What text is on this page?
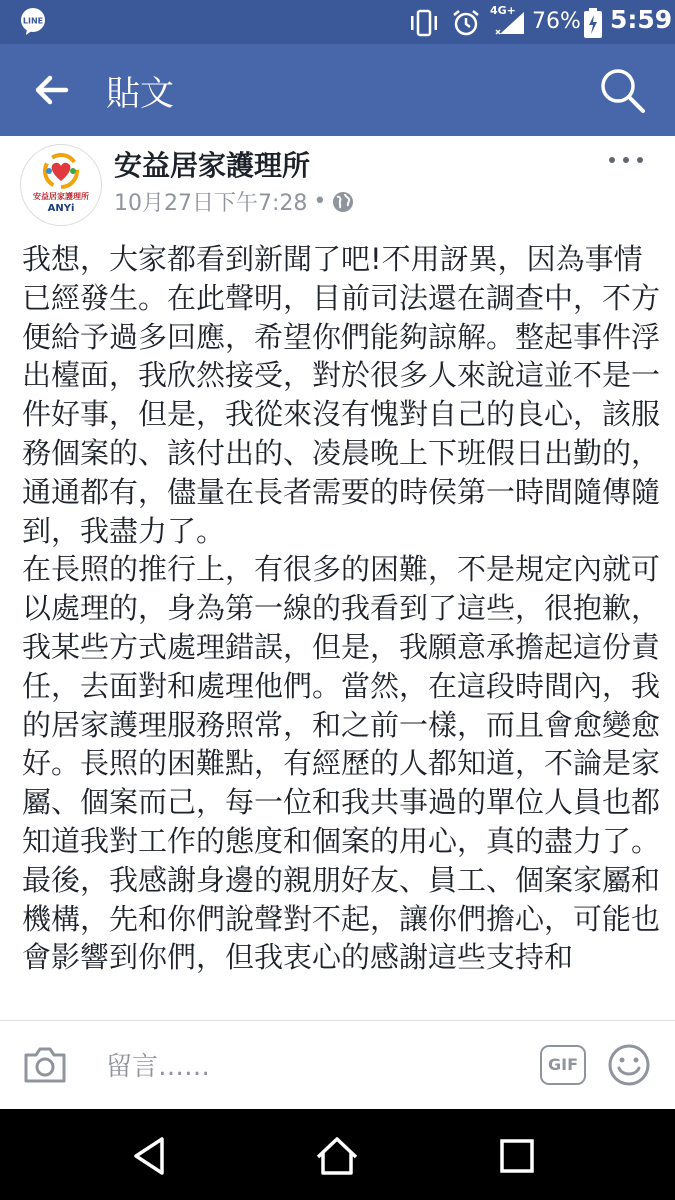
LINE
4G+ 76% 5:59
貼文
安益居家護理所
ANYi
安益居家護理所
10月27日下午7:28 •

我想，大家都看到新聞了吧!不用訝異，因為事情已經發生。在此聲明，目前司法還在調查中，不方便給予過多回應，希望你們能夠諒解。整起事件浮出檯面，我欣然接受，對於很多人來說這並不是一件好事，但是，我從來沒有愧對自己的良心，該服務個案的、該付出的、凌晨晚上下班假日出勤的，通通都有，儘量在長者需要的時侯第一時間隨傳隨到，我盡力了。

在長照的推行上，有很多的困難，不是規定內就可以處理的，身為第一線的我看到了這些，很抱歉，我某些方式處理錯誤，但是，我願意承擔起這份責任，去面對和處理他們。當然，在這段時間內，我的居家護理服務照常，和之前一樣，而且會愈變愈好。長照的困難點，有經歷的人都知道，不論是家屬、個案而己，每一位和我共事過的單位人員也都知道我對工作的態度和個案的用心，真的盡力了。

最後，我感謝身邊的親朋好友、員工、個案家屬和機構，先和你們說聲對不起，讓你們擔心，可能也會影響到你們，但我衷心的感謝這些支持和

留言……
GIF
